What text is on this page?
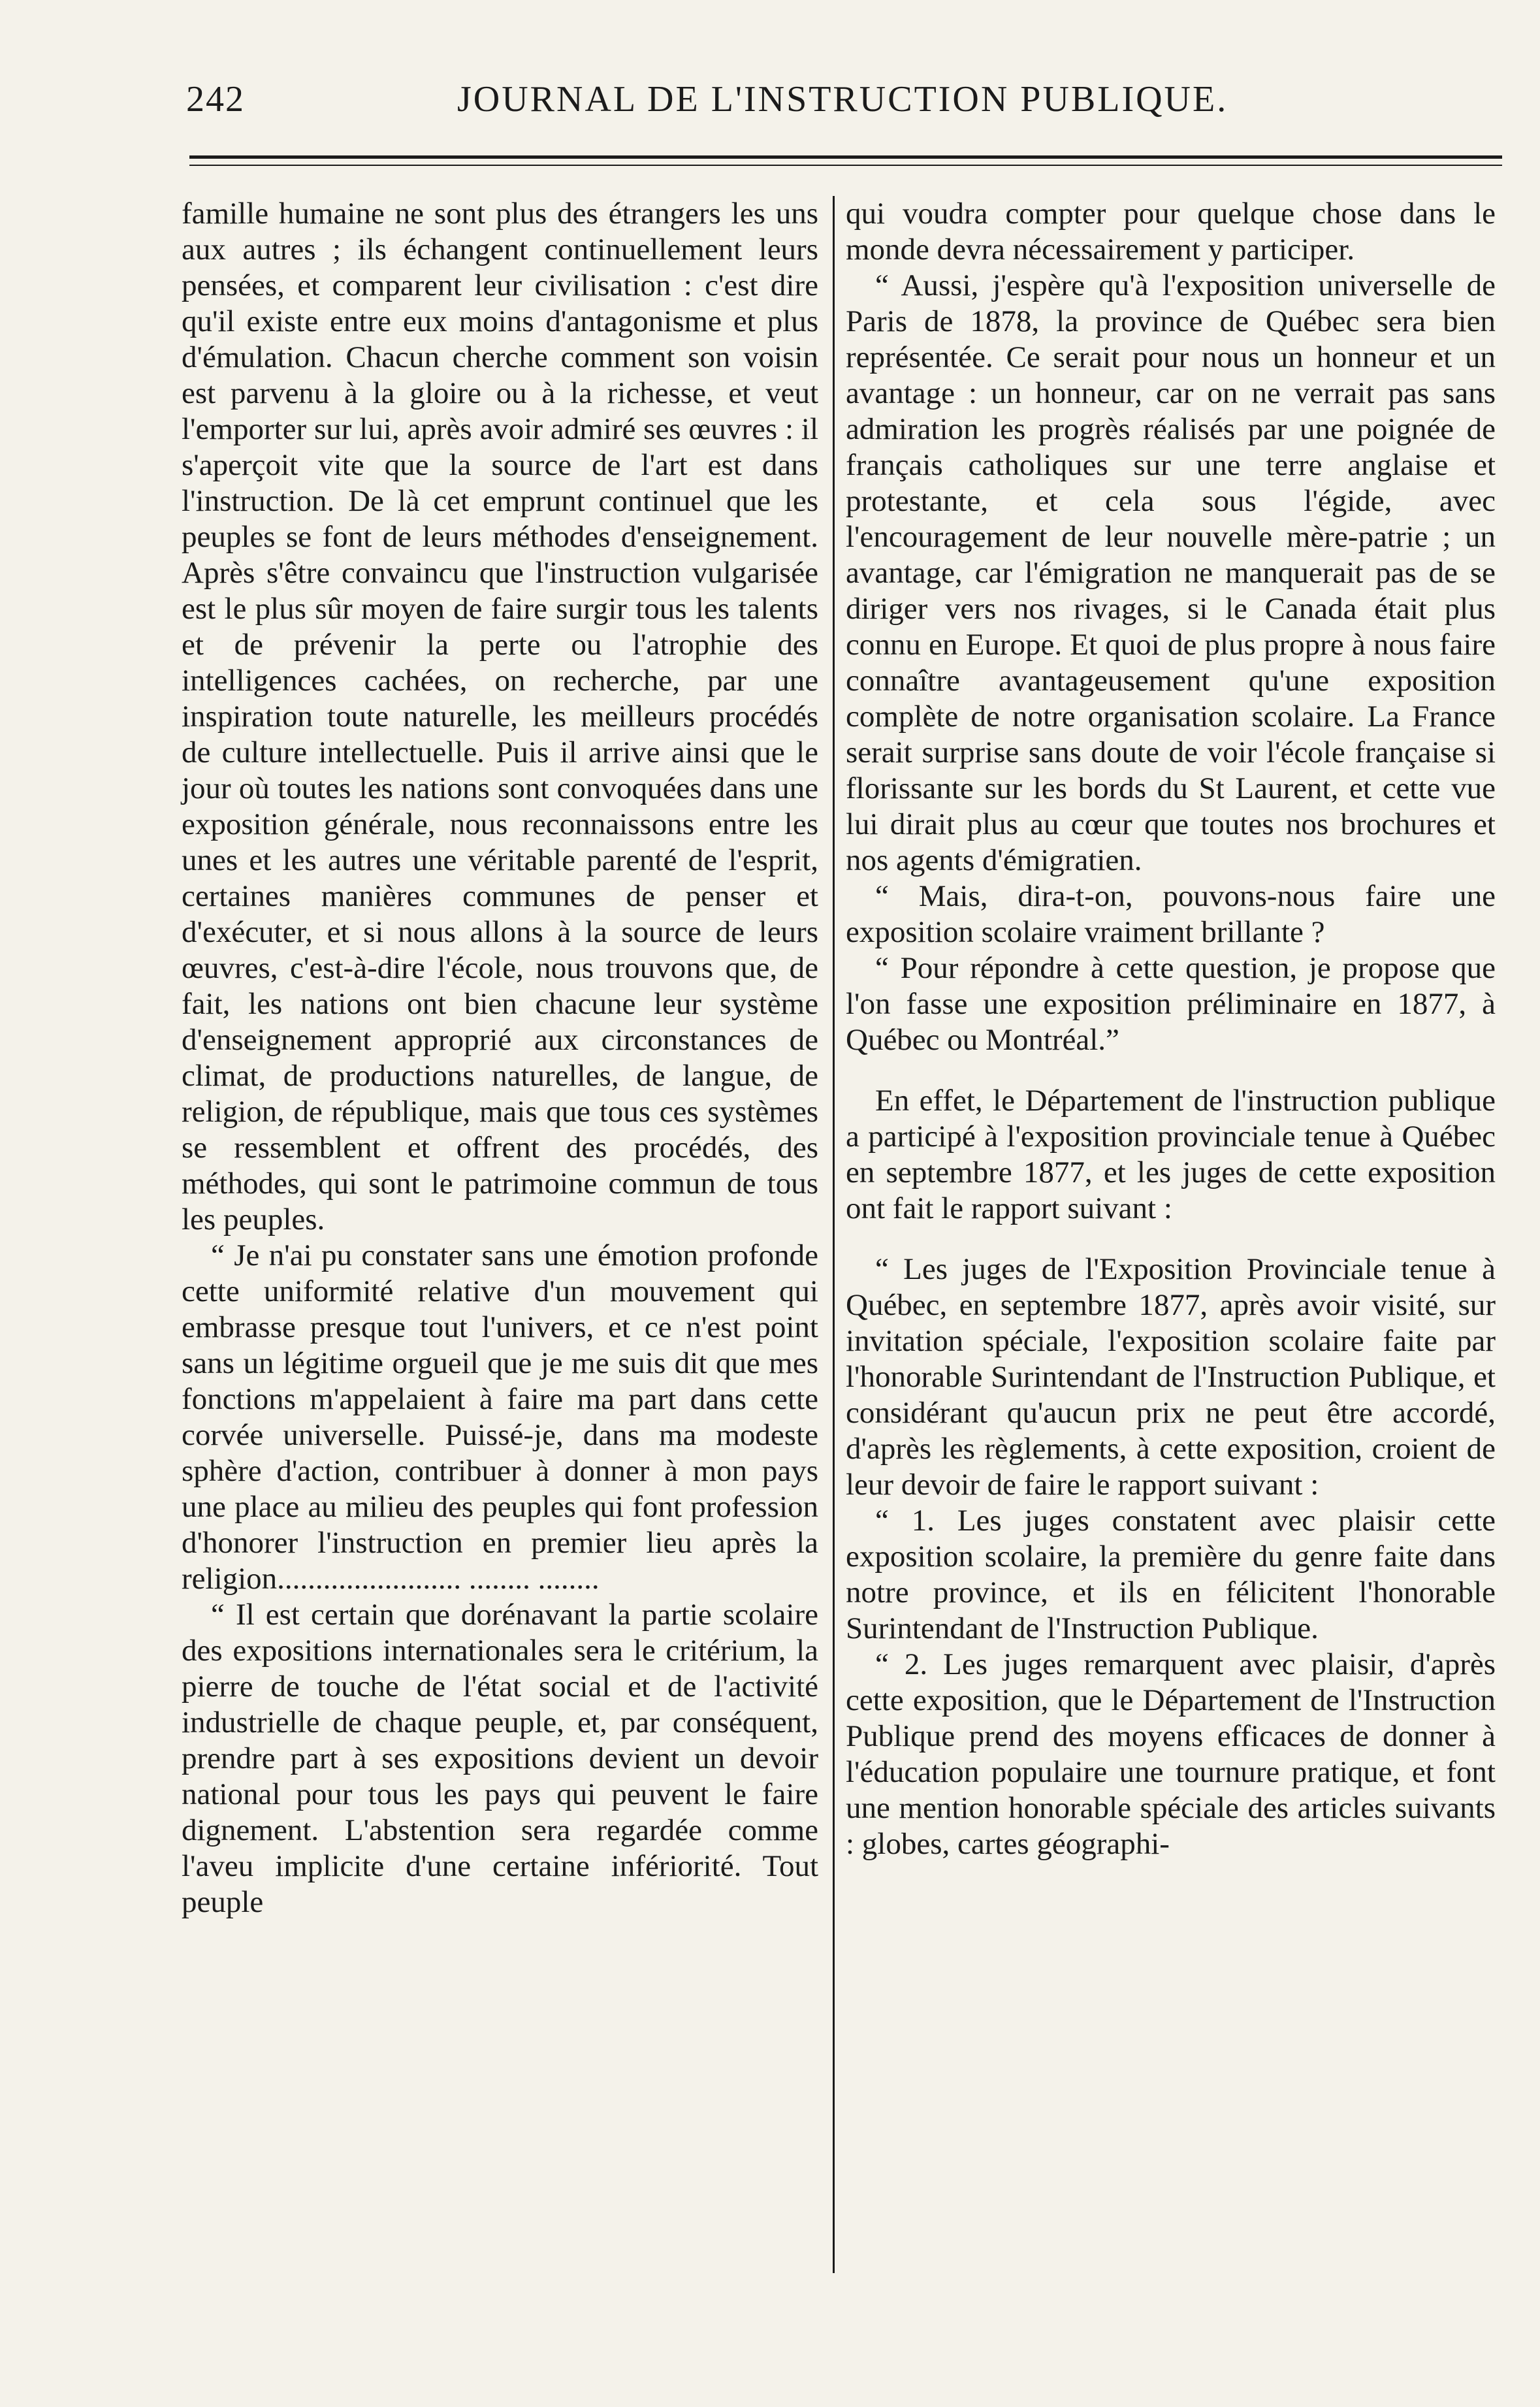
242	JOURNAL DE L'INSTRUCTION PUBLIQUE.

famille humaine ne sont plus des étrangers les uns aux autres ; ils échangent continuellement leurs pensées, et comparent leur civilisation : c'est dire qu'il existe entre eux moins d'antagonisme et plus d'émulation. Chacun cherche comment son voisin est parvenu à la gloire ou à la richesse, et veut l'emporter sur lui, après avoir admiré ses œuvres : il s'aperçoit vite que la source de l'art est dans l'instruction. De là cet emprunt continuel que les peuples se font de leurs méthodes d'enseignement. Après s'être convaincu que l'instruction vulgarisée est le plus sûr moyen de faire surgir tous les talents et de prévenir la perte ou l'atrophie des intelligences cachées, on recherche, par une inspiration toute naturelle, les meilleurs procédés de culture intellectuelle. Puis il arrive ainsi que le jour où toutes les nations sont convoquées dans une exposition générale, nous reconnaissons entre les unes et les autres une véritable parenté de l'esprit, certaines manières communes de penser et d'exécuter, et si nous allons à la source de leurs œuvres, c'est-à-dire l'école, nous trouvons que, de fait, les nations ont bien chacune leur système d'enseignement approprié aux circonstances de climat, de productions naturelles, de langue, de religion, de république, mais que tous ces systèmes se ressemblent et offrent des procédés, des méthodes, qui sont le patrimoine commun de tous les peuples.

“ Je n'ai pu constater sans une émotion profonde cette uniformité relative d'un mouvement qui embrasse presque tout l'univers, et ce n'est point sans un légitime orgueil que je me suis dit que mes fonctions m'appelaient à faire ma part dans cette corvée universelle. Puissé-je, dans ma modeste sphère d'action, contribuer à donner à mon pays une place au milieu des peuples qui font profession d'honorer l'instruction en premier lieu après la religion........................ ........ ........

“ Il est certain que dorénavant la partie scolaire des expositions internationales sera le critérium, la pierre de touche de l'état social et de l'activité industrielle de chaque peuple, et, par conséquent, prendre part à ses expositions devient un devoir national pour tous les pays qui peuvent le faire dignement. L'abstention sera regardée comme l'aveu implicite d'une certaine infériorité. Tout peuple

qui voudra compter pour quelque chose dans le monde devra nécessairement y participer.

“ Aussi, j'espère qu'à l'exposition universelle de Paris de 1878, la province de Québec sera bien représentée. Ce serait pour nous un honneur et un avantage : un honneur, car on ne verrait pas sans admiration les progrès réalisés par une poignée de français catholiques sur une terre anglaise et protestante, et cela sous l'égide, avec l'encouragement de leur nouvelle mère-patrie ; un avantage, car l'émigration ne manquerait pas de se diriger vers nos rivages, si le Canada était plus connu en Europe. Et quoi de plus propre à nous faire connaître avantageusement qu'une exposition complète de notre organisation scolaire. La France serait surprise sans doute de voir l'école française si florissante sur les bords du St Laurent, et cette vue lui dirait plus au cœur que toutes nos brochures et nos agents d'émigratien.

“ Mais, dira-t-on, pouvons-nous faire une exposition scolaire vraiment brillante ?

“ Pour répondre à cette question, je propose que l'on fasse une exposition préliminaire en 1877, à Québec ou Montréal.”

En effet, le Département de l'instruction publique a participé à l'exposition provinciale tenue à Québec en septembre 1877, et les juges de cette exposition ont fait le rapport suivant :

“ Les juges de l'Exposition Provinciale tenue à Québec, en septembre 1877, après avoir visité, sur invitation spéciale, l'exposition scolaire faite par l'honorable Surintendant de l'Instruction Publique, et considérant qu'aucun prix ne peut être accordé, d'après les règlements, à cette exposition, croient de leur devoir de faire le rapport suivant :

“ 1. Les juges constatent avec plaisir cette exposition scolaire, la première du genre faite dans notre province, et ils en félicitent l'honorable Surintendant de l'Instruction Publique.

“ 2. Les juges remarquent avec plaisir, d'après cette exposition, que le Département de l'Instruction Publique prend des moyens efficaces de donner à l'éducation populaire une tournure pratique, et font une mention honorable spéciale des articles suivants : globes, cartes géographi-
